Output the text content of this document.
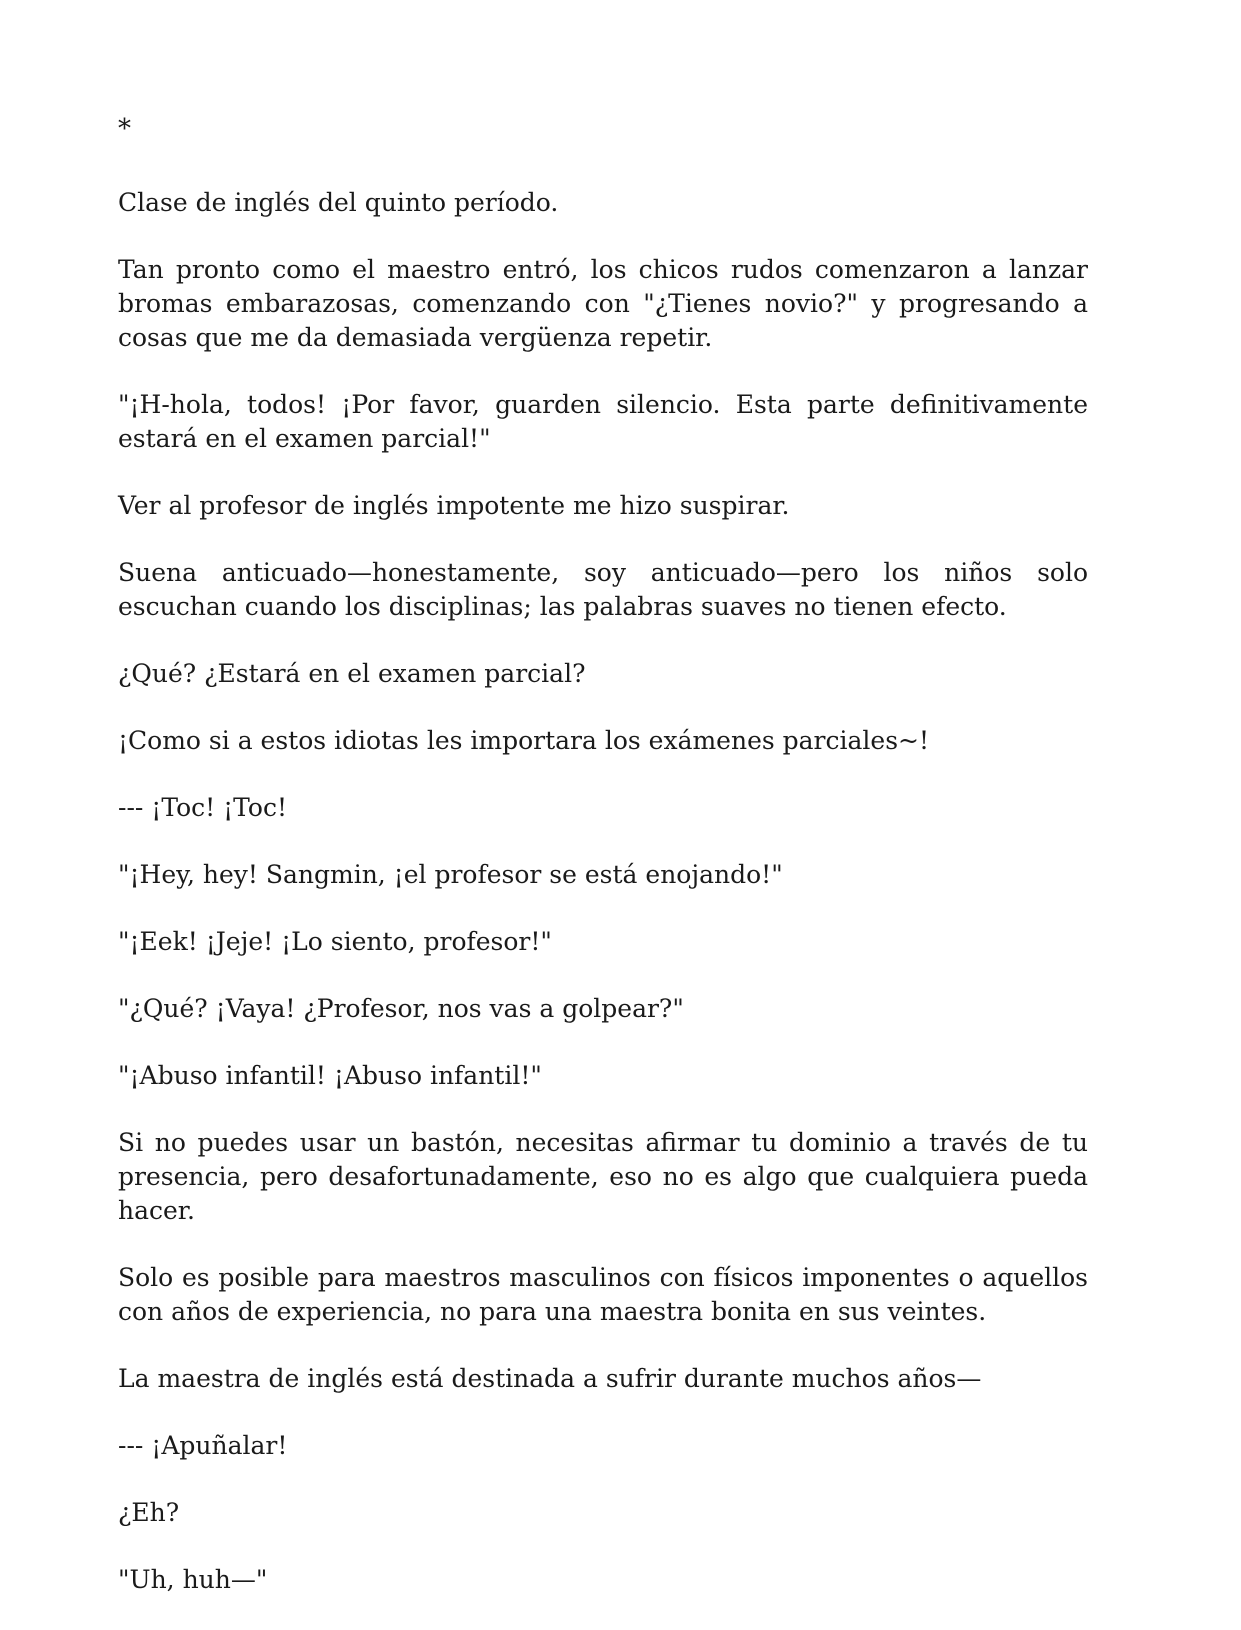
*

Clase de inglés del quinto período.

Tan pronto como el maestro entró, los chicos rudos comenzaron a lanzar bromas embarazosas, comenzando con "¿Tienes novio?" y progresando a cosas que me da demasiada vergüenza repetir.

"¡H-hola, todos! ¡Por favor, guarden silencio. Esta parte definitivamente estará en el examen parcial!"

Ver al profesor de inglés impotente me hizo suspirar.

Suena anticuado—honestamente, soy anticuado—pero los niños solo escuchan cuando los disciplinas; las palabras suaves no tienen efecto.

¿Qué? ¿Estará en el examen parcial?

¡Como si a estos idiotas les importara los exámenes parciales~!

--- ¡Toc! ¡Toc!

"¡Hey, hey! Sangmin, ¡el profesor se está enojando!"

"¡Eek! ¡Jeje! ¡Lo siento, profesor!"

"¿Qué? ¡Vaya! ¿Profesor, nos vas a golpear?"

"¡Abuso infantil! ¡Abuso infantil!"

Si no puedes usar un bastón, necesitas afirmar tu dominio a través de tu presencia, pero desafortunadamente, eso no es algo que cualquiera pueda hacer.

Solo es posible para maestros masculinos con físicos imponentes o aquellos con años de experiencia, no para una maestra bonita en sus veintes.

La maestra de inglés está destinada a sufrir durante muchos años—

--- ¡Apuñalar!

¿Eh?

"Uh, huh—"
